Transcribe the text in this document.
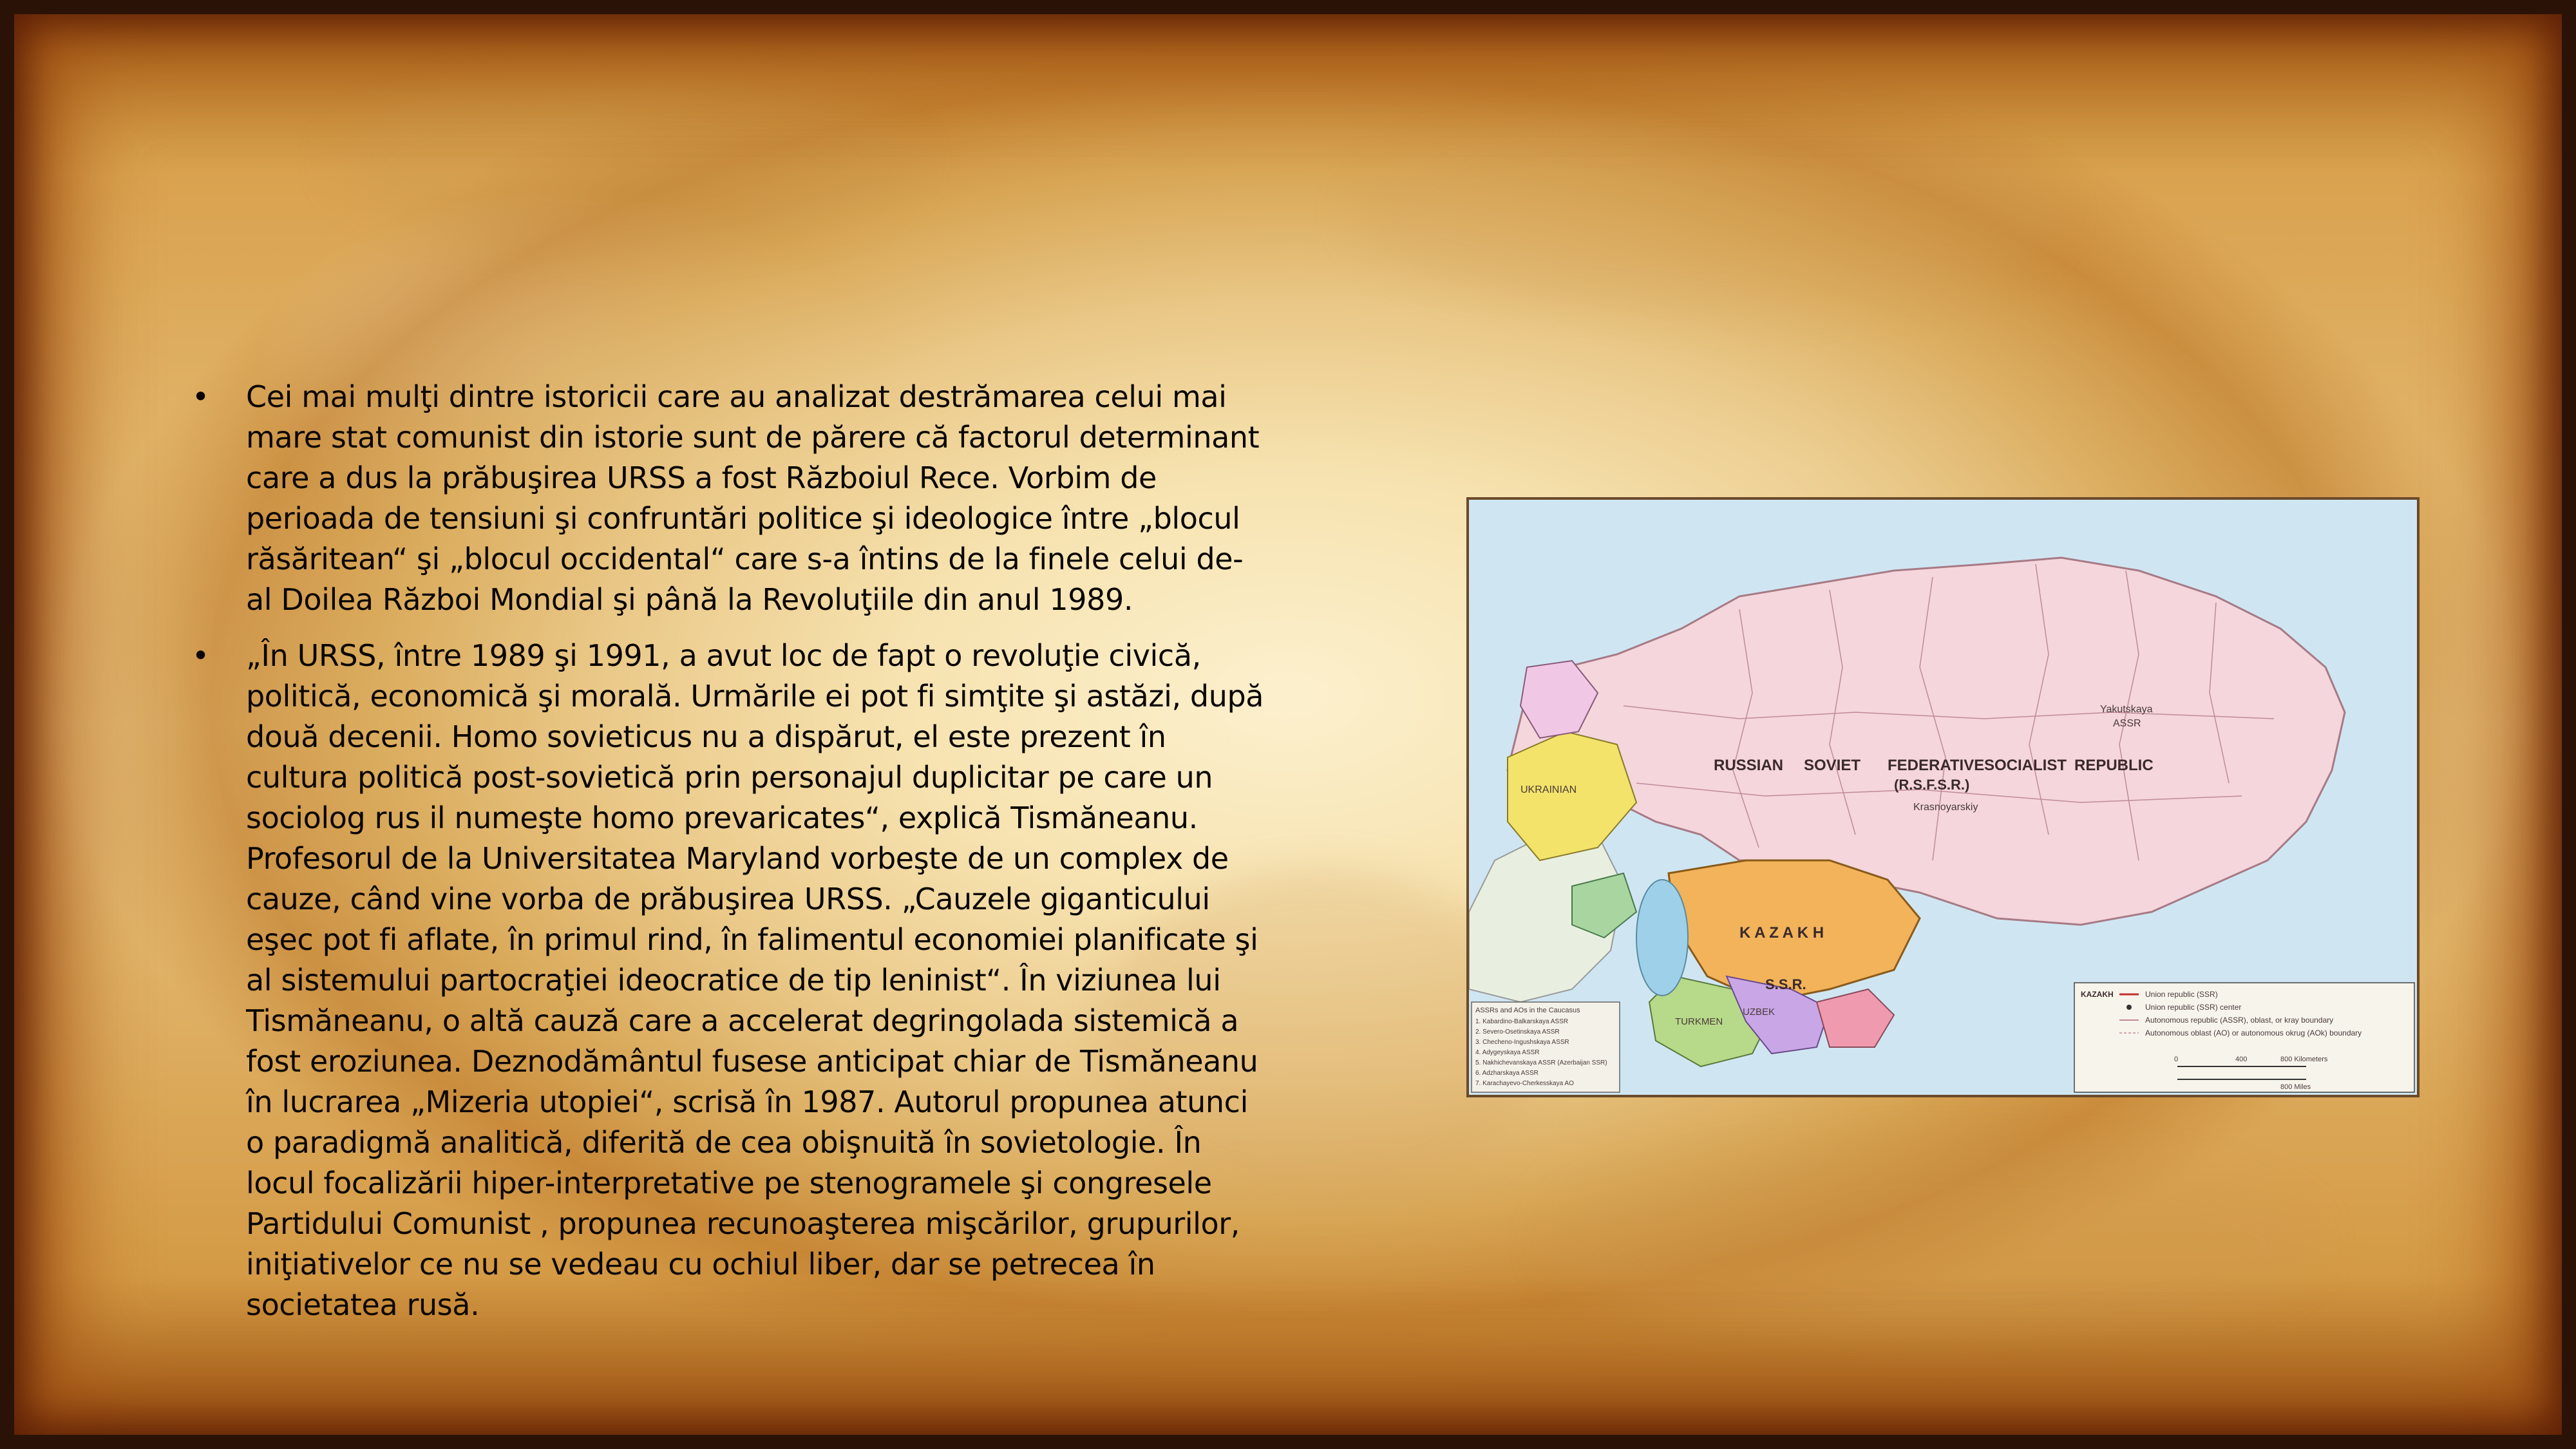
• Cei mai mulţi dintre istoricii care au analizat destrămarea celui mai mare stat comunist din istorie sunt de părere că factorul determinant care a dus la prăbuşirea URSS a fost Războiul Rece. Vorbim de perioada de tensiuni şi confruntări politice şi ideologice între „blocul răsăritean“ şi „blocul occidental“ care s-a întins de la finele celui de-al Doilea Război Mondial şi până la Revoluţiile din anul 1989.
• „În URSS, între 1989 şi 1991, a avut loc de fapt o revoluţie civică, politică, economică şi morală. Urmările ei pot fi simţite şi astăzi, după două decenii. Homo sovieticus nu a dispărut, el este prezent în cultura politică post-sovietică prin personajul duplicitar pe care un sociolog rus il numeşte homo prevaricates“, explică Tismăneanu. Profesorul de la Universitatea Maryland vorbeşte de un complex de cauze, când vine vorba de prăbuşirea URSS. „Cauzele giganticului eşec pot fi aflate, în primul rind, în falimentul economiei planificate şi al sistemului partocraţiei ideocratice de tip leninist“. În viziunea lui Tismăneanu, o altă cauză care a accelerat degringolada sistemică a fost eroziunea. Deznodământul fusese anticipat chiar de Tismăneanu în lucrarea „Mizeria utopiei“, scrisă în 1987. Autorul propunea atunci o paradigmă analitică, diferită de cea obişnuită în sovietologie. În locul focalizării hiper-interpretative pe stenogramele şi congresele Partidului Comunist , propunea recunoaşterea mişcărilor, grupurilor, iniţiativelor ce nu se vedeau cu ochiul liber, dar se petrecea în societatea rusă.
RUSSIAN SOVIET FEDERATIVE SOCIALIST REPUBLIC
(R.S.F.S.R.)
K A Z A K H
S.S.R.
UKRAINIAN
UZBEK
TURKMEN
Yakutskaya
ASSR
Krasnoyarskiy
ASSRs and AOs in the Caucasus
1. Kabardino-Balkarskaya ASSR
2. Severo-Osetinskaya ASSR
3. Checheno-Ingushskaya ASSR
4. Adygeyskaya ASSR
5. Nakhichevanskaya ASSR (Azerbaijan SSR)
6. Adzharskaya ASSR
7. Karachayevo-Cherkesskaya AO
KAZAKH	Union republic (SSR)
Union republic (SSR) center
Autonomous republic (ASSR), oblast, or kray boundary
Autonomous oblast (AO) or autonomous okrug (AOk) boundary
0	400	800 Kilometers
800 Miles
